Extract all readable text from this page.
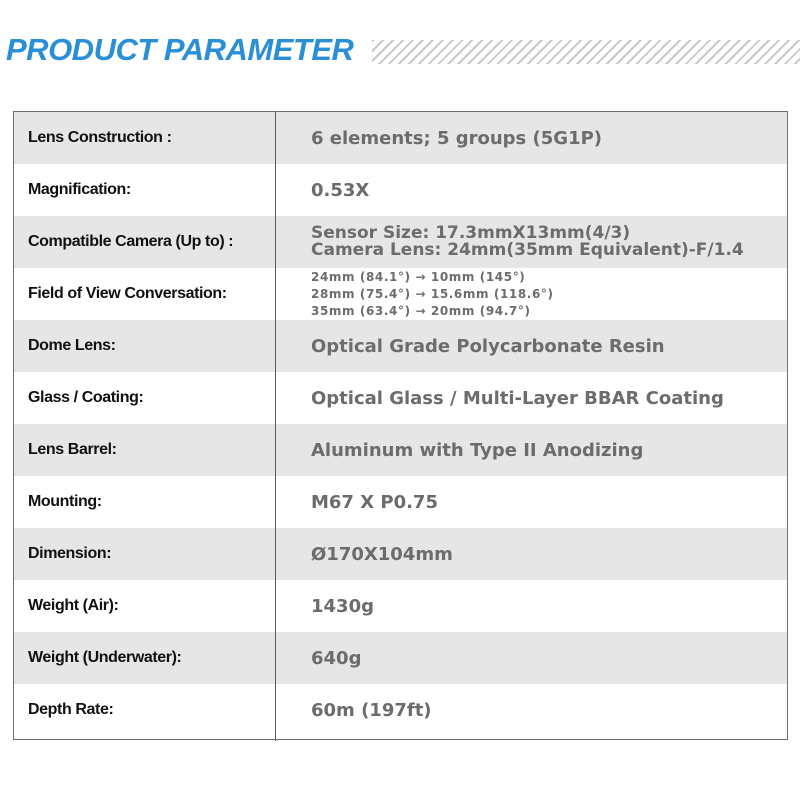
PRODUCT PARAMETER
Lens Construction :	6 elements; 5 groups (5G1P)
Magnification:	0.53X
Compatible Camera (Up to) :	Sensor Size: 17.3mmX13mm(4/3)
Camera Lens: 24mm(35mm Equivalent)-F/1.4
Field of View Conversation:
24mm (84.1°) → 10mm (145°)
28mm (75.4°) → 15.6mm (118.6°)
35mm (63.4°) → 20mm (94.7°)
Dome Lens:	Optical Grade Polycarbonate Resin
Glass / Coating:	Optical Glass / Multi-Layer BBAR Coating
Lens Barrel:	Aluminum with Type II Anodizing
Mounting:	M67 X P0.75
Dimension:	Ø170X104mm
Weight (Air):	1430g
Weight (Underwater):	640g
Depth Rate:	60m (197ft)
